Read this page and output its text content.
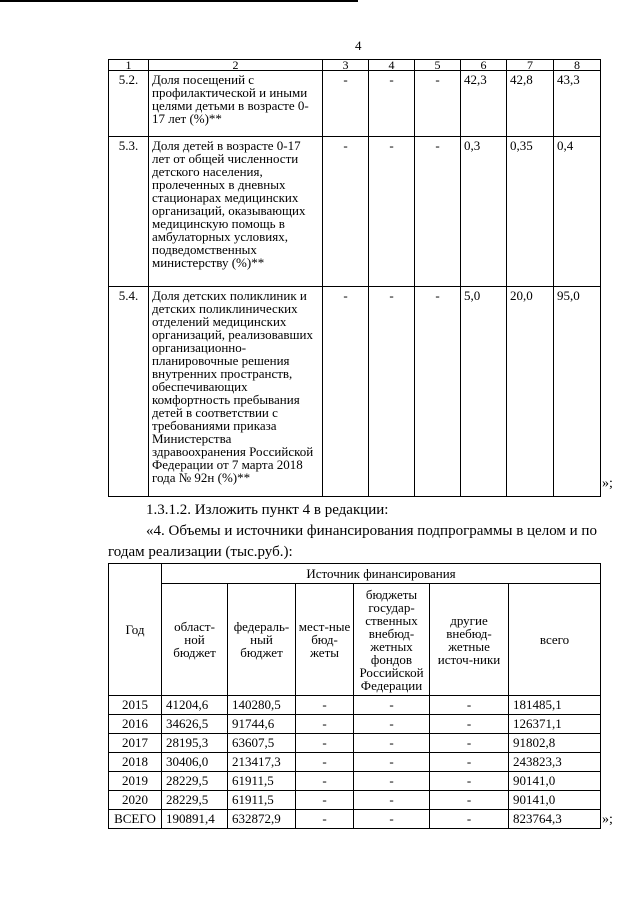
4
1	2	3	4	5	6	7	8
5.2.	Доля посещений с профилактической и иными целями детьми в возрасте 0-17 лет (%)**	-	-	-	42,3	42,8	43,3
5.3.	Доля детей в возрасте 0-17 лет от общей численности детского населения, пролеченных в дневных стационарах медицинских организаций, оказывающих медицинскую помощь в амбулаторных условиях, подведомственных министерству (%)**	-	-	-	0,3	0,35	0,4
5.4.	Доля детских поликлиник и детских поликлинических отделений медицинских организаций, реализовавших организационно-планировочные решения внутренних пространств, обеспечивающих комфортность пребывания детей в соответствии с требованиями приказа Министерства здравоохранения Российской Федерации от 7 марта 2018 года № 92н (%)**	-	-	-	5,0	20,0	95,0
»;
1.3.1.2. Изложить пункт 4 в редакции:
«4. Объемы и источники финансирования подпрограммы в целом и по
годам реализации (тыс.руб.):
Год	Источник финансирования					
	област-ной бюджет	федераль-ный бюджет	мест-ные бюд-жеты	бюджеты государ-ственных внебюд-жетных фондов Российской Федерации	другие внебюд-жетные источ-ники	всего
2015	41204,6	140280,5	-	-	-	181485,1
2016	34626,5	91744,6	-	-	-	126371,1
2017	28195,3	63607,5	-	-	-	91802,8
2018	30406,0	213417,3	-	-	-	243823,3
2019	28229,5	61911,5	-	-	-	90141,0
2020	28229,5	61911,5	-	-	-	90141,0
ВСЕГО	190891,4	632872,9	-	-	-	823764,3	»;
